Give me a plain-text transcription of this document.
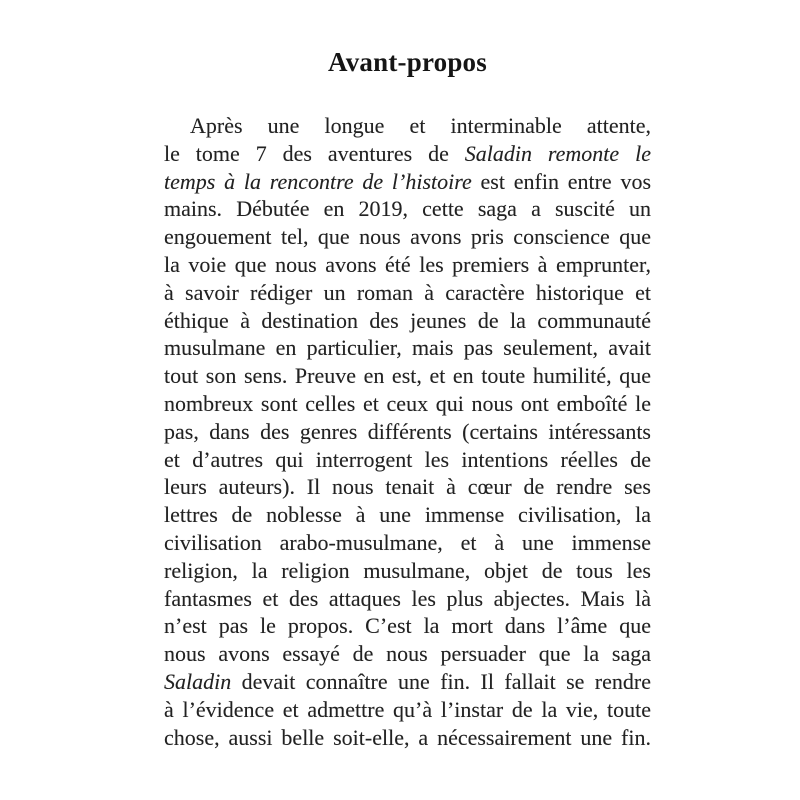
Avant-propos
Après une longue et interminable attente,
le tome 7 des aventures de Saladin remonte le
temps à la rencontre de l’histoire est enfin entre vos
mains. Débutée en 2019, cette saga a suscité un
engouement tel, que nous avons pris conscience que
la voie que nous avons été les premiers à emprunter,
à savoir rédiger un roman à caractère historique et
éthique à destination des jeunes de la communauté
musulmane en particulier, mais pas seulement, avait
tout son sens. Preuve en est, et en toute humilité, que
nombreux sont celles et ceux qui nous ont emboîté le
pas, dans des genres différents (certains intéressants
et d’autres qui interrogent les intentions réelles de
leurs auteurs). Il nous tenait à cœur de rendre ses
lettres de noblesse à une immense civilisation, la
civilisation arabo-musulmane, et à une immense
religion, la religion musulmane, objet de tous les
fantasmes et des attaques les plus abjectes. Mais là
n’est pas le propos. C’est la mort dans l’âme que
nous avons essayé de nous persuader que la saga
Saladin devait connaître une fin. Il fallait se rendre
à l’évidence et admettre qu’à l’instar de la vie, toute
chose, aussi belle soit-elle, a nécessairement une fin.
